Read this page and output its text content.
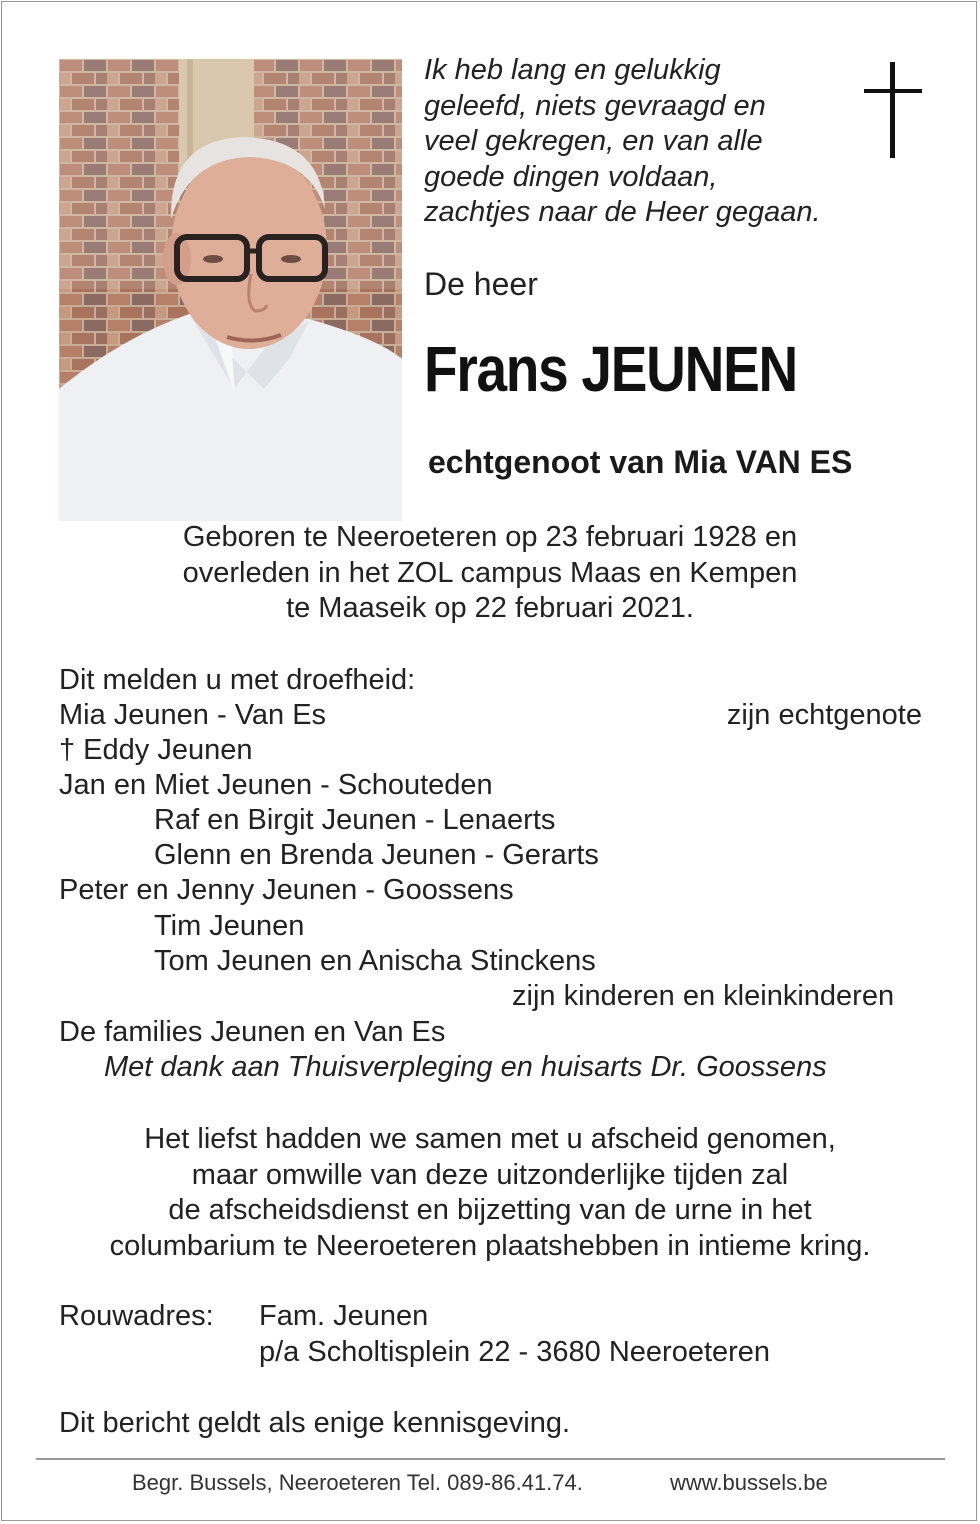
Ik heb lang en gelukkig
geleefd, niets gevraagd en
veel gekregen, en van alle
goede dingen voldaan,
zachtjes naar de Heer gegaan.
De heer
Frans JEUNEN
echtgenoot van Mia VAN ES
Geboren te Neeroeteren op 23 februari 1928 en
overleden in het ZOL campus Maas en Kempen
te Maaseik op 22 februari 2021.
Dit melden u met droefheid:
Mia Jeunen - Van Es	zijn echtgenote
† Eddy Jeunen
Jan en Miet Jeunen - Schouteden
Raf en Birgit Jeunen - Lenaerts
Glenn en Brenda Jeunen - Gerarts
Peter en Jenny Jeunen - Goossens
Tim Jeunen
Tom Jeunen en Anischa Stinckens
zijn kinderen en kleinkinderen
De families Jeunen en Van Es
Met dank aan Thuisverpleging en huisarts Dr. Goossens
Het liefst hadden we samen met u afscheid genomen,
maar omwille van deze uitzonderlijke tijden zal
de afscheidsdienst en bijzetting van de urne in het
columbarium te Neeroeteren plaatshebben in intieme kring.
Rouwadres: Fam. Jeunen
p/a Scholtisplein 22 - 3680 Neeroeteren
Dit bericht geldt als enige kennisgeving.
Begr. Bussels, Neeroeteren Tel. 089-86.41.74.	www.bussels.be
